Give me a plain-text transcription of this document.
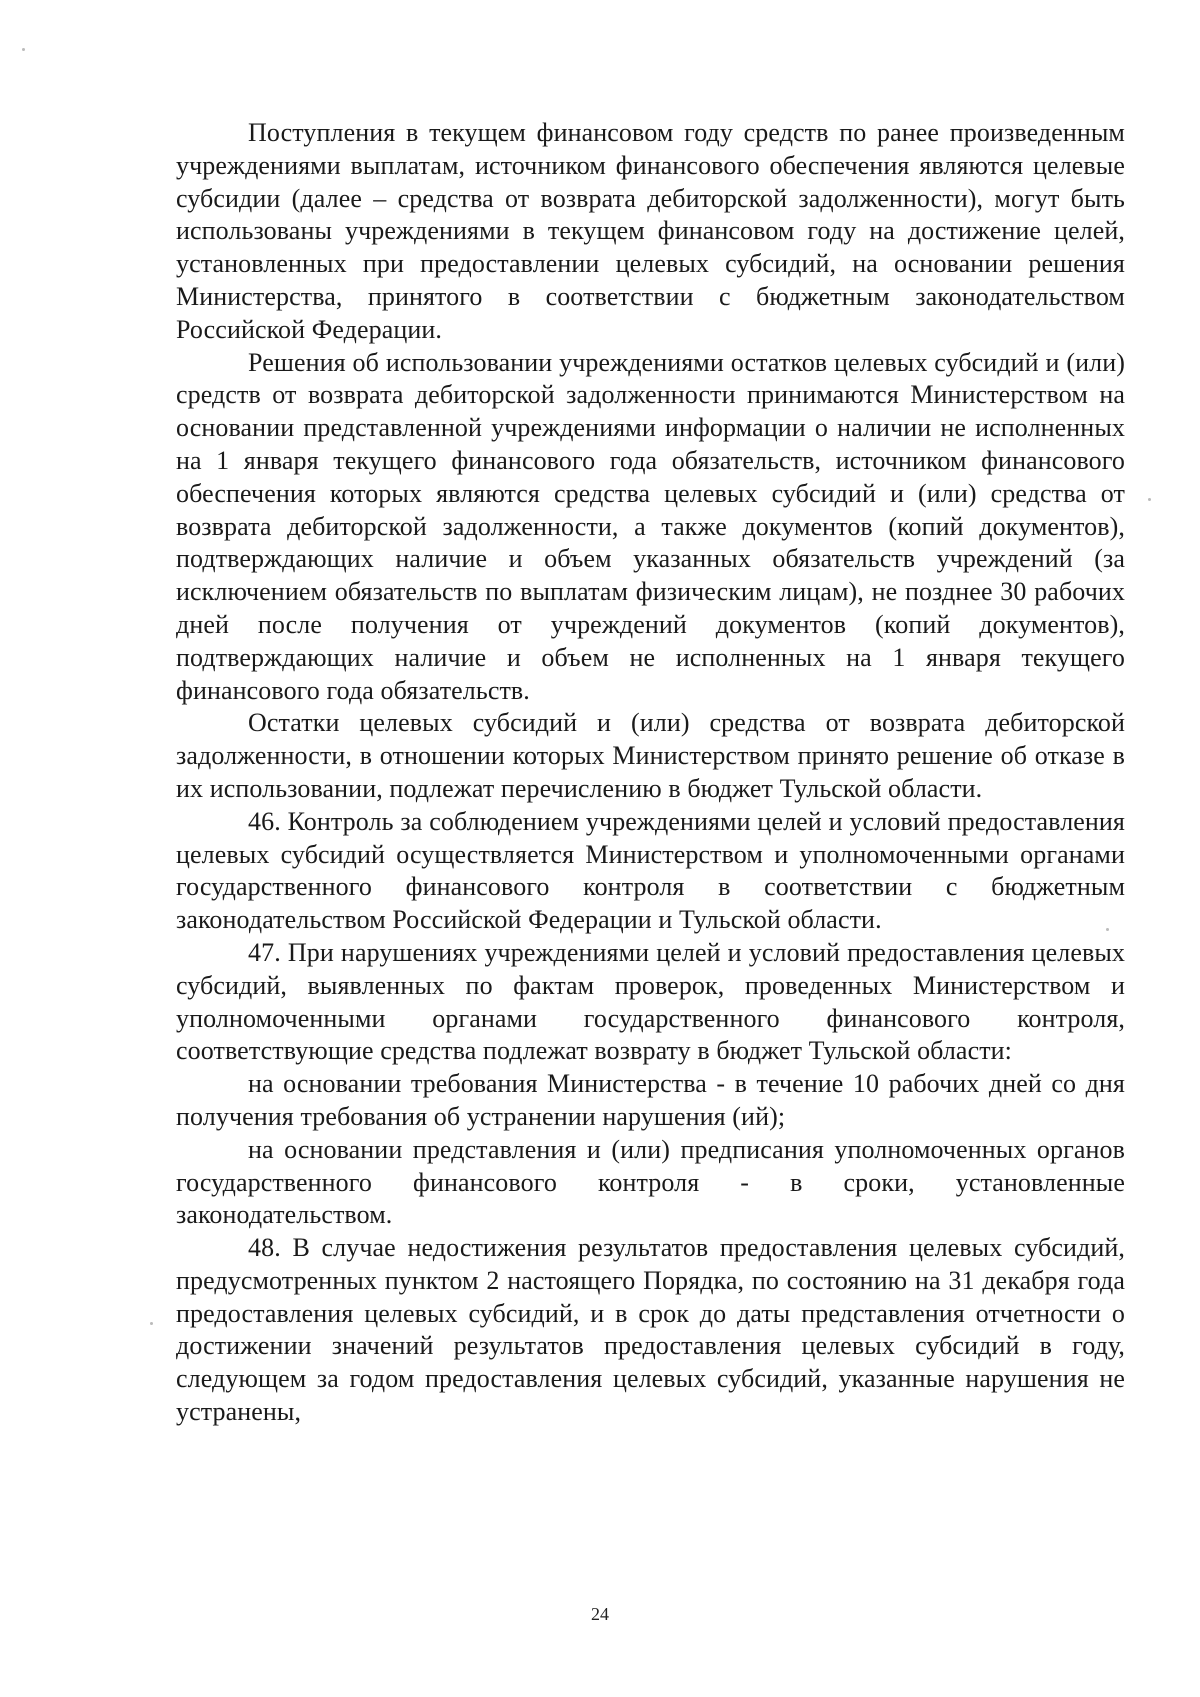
Поступления в текущем финансовом году средств по ранее произведенным учреждениями выплатам, источником финансового обеспечения являются целевые субсидии (далее – средства от возврата дебиторской задолженности), могут быть использованы учреждениями в текущем финансовом году на достижение целей, установленных при предоставлении целевых субсидий, на основании решения Министерства, принятого в соответствии с бюджетным законодательством Российской Федерации.

Решения об использовании учреждениями остатков целевых субсидий и (или) средств от возврата дебиторской задолженности принимаются Министерством на основании представленной учреждениями информации о наличии не исполненных на 1 января текущего финансового года обязательств, источником финансового обеспечения которых являются средства целевых субсидий и (или) средства от возврата дебиторской задолженности, а также документов (копий документов), подтверждающих наличие и объем указанных обязательств учреждений (за исключением обязательств по выплатам физическим лицам), не позднее 30 рабочих дней после получения от учреждений документов (копий документов), подтверждающих наличие и объем не исполненных на 1 января текущего финансового года обязательств.

Остатки целевых субсидий и (или) средства от возврата дебиторской задолженности, в отношении которых Министерством принято решение об отказе в их использовании, подлежат перечислению в бюджет Тульской области.

46. Контроль за соблюдением учреждениями целей и условий предоставления целевых субсидий осуществляется Министерством и уполномоченными органами государственного финансового контроля в соответствии с бюджетным законодательством Российской Федерации и Тульской области.

47. При нарушениях учреждениями целей и условий предоставления целевых субсидий, выявленных по фактам проверок, проведенных Министерством и уполномоченными органами государственного финансового контроля, соответствующие средства подлежат возврату в бюджет Тульской области:

на основании требования Министерства - в течение 10 рабочих дней со дня получения требования об устранении нарушения (ий);

на основании представления и (или) предписания уполномоченных органов государственного финансового контроля - в сроки, установленные законодательством.

48. В случае недостижения результатов предоставления целевых субсидий, предусмотренных пунктом 2 настоящего Порядка, по состоянию на 31 декабря года предоставления целевых субсидий, и в срок до даты представления отчетности о достижении значений результатов предоставления целевых субсидий в году, следующем за годом предоставления целевых субсидий, указанные нарушения не устранены,

24
